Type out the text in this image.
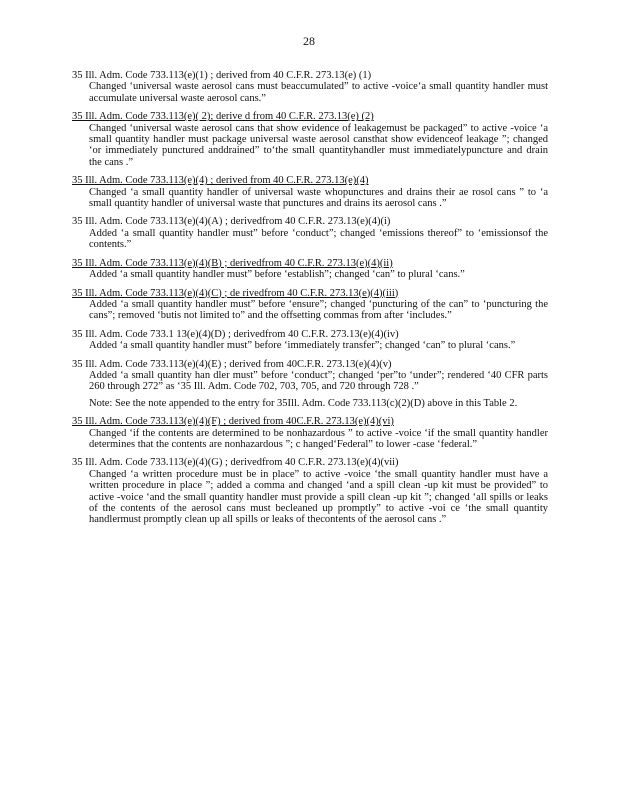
28
35 Ill. Adm. Code 733.113(e)(1) ; derived from 40 C.F.R. 273.13(e) (1)
Changed ‘universal waste aerosol cans must beaccumulated” to active -voice‘a small quantity handler must accumulate universal waste aerosol cans.”
35 Ill. Adm. Code 733.113(e)( 2); derive d from 40 C.F.R. 273.13(e) (2)
Changed ‘universal waste aerosol cans that show evidence of leakagemust be packaged” to active -voice ‘a small quantity handler must package universal waste aerosol cansthat show evidenceof leakage ”; changed ‘or immediately punctured anddrained” to‘the small quantityhandler must immediatelypuncture and drain the cans .”
35 Ill. Adm. Code 733.113(e)(4) ; derived from 40 C.F.R. 273.13(e)(4)
Changed ‘a small quantity handler of universal waste whopunctures and drains their ae rosol cans ” to ‘a small quantity handler of universal waste that punctures and drains its aerosol cans .”
35 Ill. Adm. Code 733.113(e)(4)(A) ; derivedfrom 40 C.F.R. 273.13(e)(4)(i)
Added ‘a small quantity handler must” before ‘conduct”; changed ‘emissions thereof” to ‘emissionsof the contents.”
35 Ill. Adm. Code 733.113(e)(4)(B) ; derivedfrom 40 C.F.R. 273.13(e)(4)(ii)
Added ‘a small quantity handler must” before ‘establish”; changed ‘can” to plural ‘cans.”
35 Ill. Adm. Code 733.113(e)(4)(C) ; de rivedfrom 40 C.F.R. 273.13(e)(4)(iii)
Added ‘a small quantity handler must” before ‘ensure”; changed ‘puncturing of the can” to ‘puncturing the cans”; removed ‘butis not limited to” and the offsetting commas from after ‘includes.”
35 Ill. Adm. Code 733.1 13(e)(4)(D) ; derivedfrom 40 C.F.R. 273.13(e)(4)(iv)
Added ‘a small quantity handler must” before ‘immediately transfer”; changed ‘can” to plural ‘cans.”
35 Ill. Adm. Code 733.113(e)(4)(E) ; derived from 40C.F.R. 273.13(e)(4)(v)
Added ‘a small quantity han dler must” before ‘conduct”; changed ‘per”to ‘under”; rendered ‘40 CFR parts 260 through 272” as ‘35 Ill. Adm. Code 702, 703, 705, and 720 through 728 .”
Note: See the note appended to the entry for 35Ill. Adm. Code 733.113(c)(2)(D) above in this Table 2.
35 Ill. Adm. Code 733.113(e)(4)(F) ; derived from 40C.F.R. 273.13(e)(4)(vi)
Changed ‘if the contents are determined to be nonhazardous ” to active -voice ‘if the small quantity handler determines that the contents are nonhazardous ”; c hanged‘Federal” to lower -case ‘federal.”
35 Ill. Adm. Code 733.113(e)(4)(G) ; derivedfrom 40 C.F.R. 273.13(e)(4)(vii)
Changed ‘a written procedure must be in place” to active -voice ‘the small quantity handler must have a written procedure in place ”; added a comma and changed ‘and a spill clean -up kit must be provided” to active -voice ‘and the small quantity handler must provide a spill clean -up kit ”; changed ‘all spills or leaks of the contents of the aerosol cans must becleaned up promptly” to active -voi ce ‘the small quantity handlermust promptly clean up all spills or leaks of thecontents of the aerosol cans .”
